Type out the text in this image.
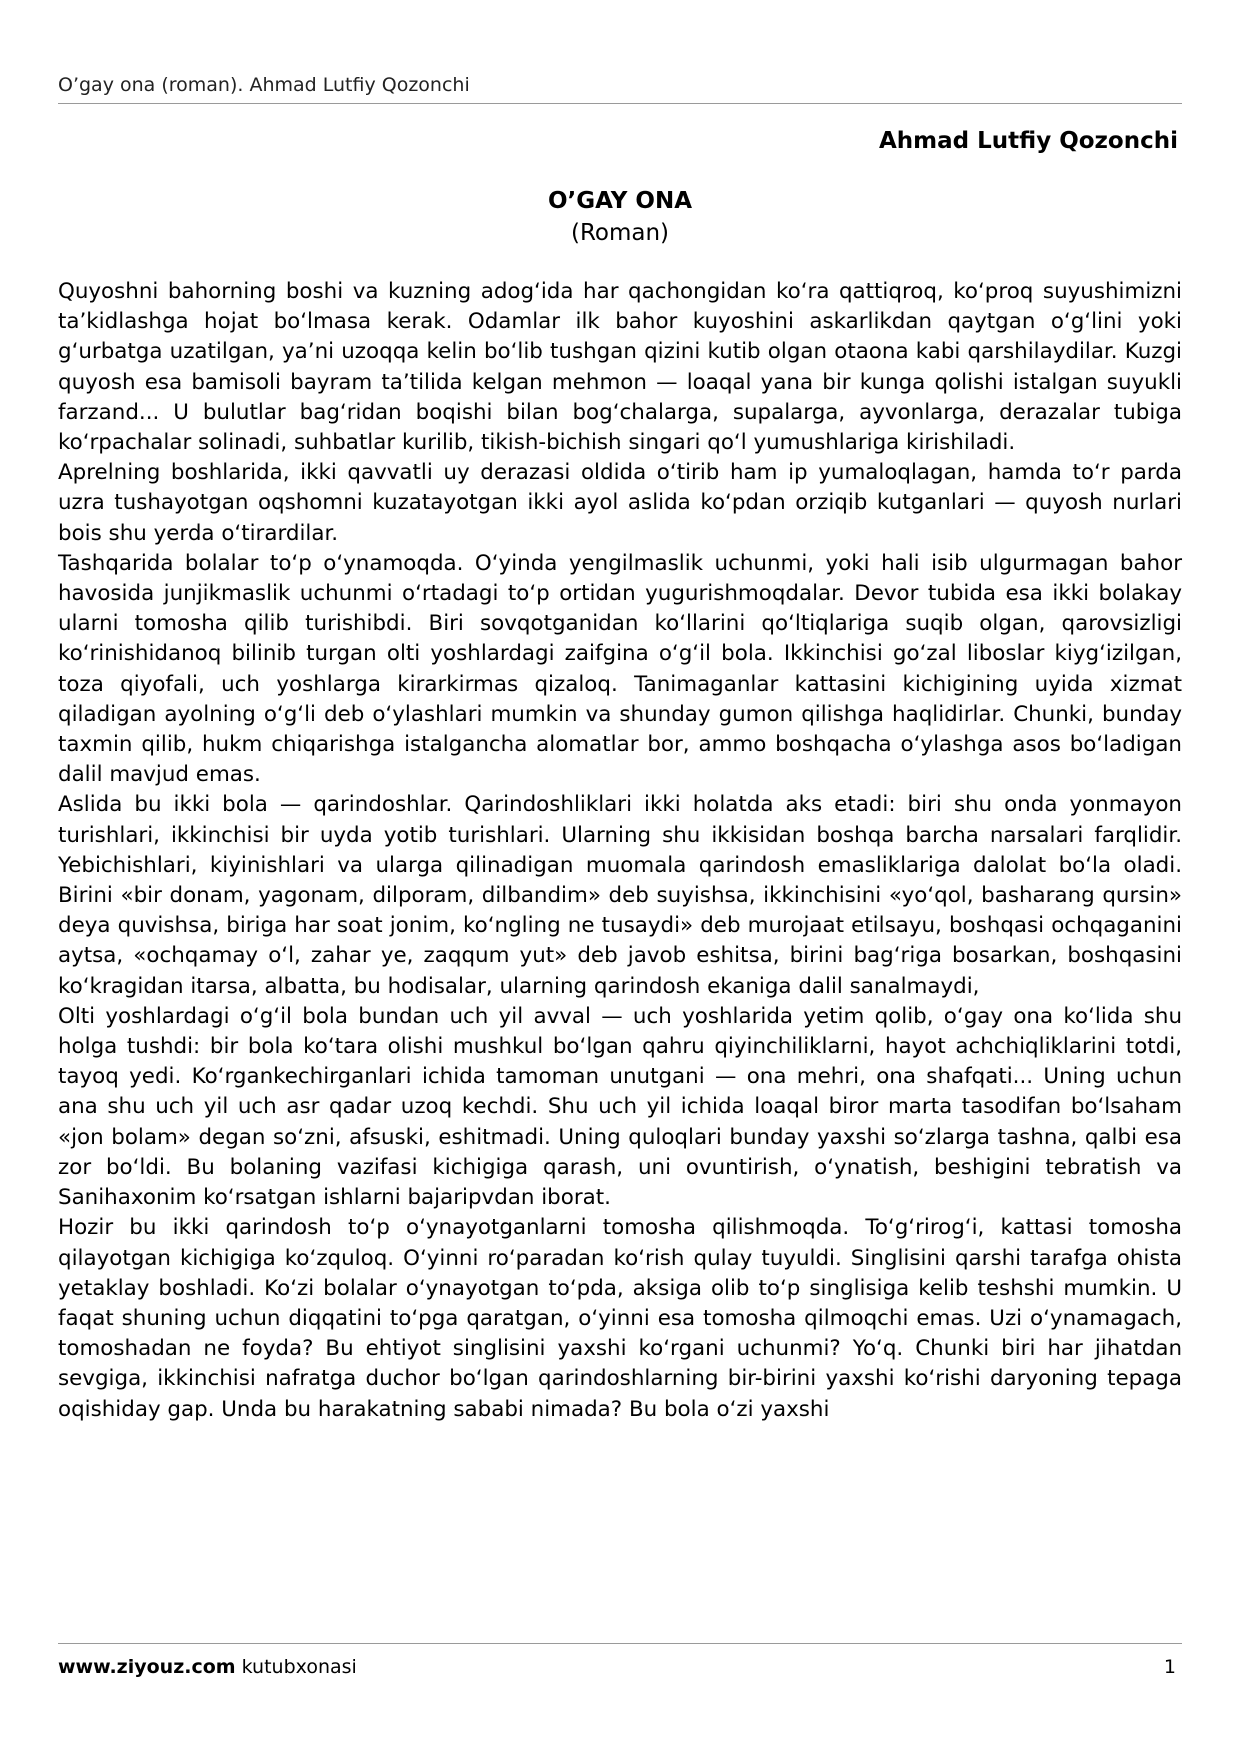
O’gay ona (roman). Ahmad Lutfiy Qozonchi
Ahmad Lutfiy Qozonchi
O’GAY ONA
(Roman)

Quyoshni bahorning boshi va kuzning adog‘ida har qachongidan ko‘ra qattiqroq, ko‘proq suyushimizni ta’kidlashga hojat bo‘lmasa kerak. Odamlar ilk bahor kuyoshini askarlikdan qaytgan o‘g‘lini yoki g‘urbatga uzatilgan, ya’ni uzoqqa kelin bo‘lib tushgan qizini kutib olgan otaona kabi qarshilaydilar. Kuzgi quyosh esa bamisoli bayram ta’tilida kelgan mehmon — loaqal yana bir kunga qolishi istalgan suyukli farzand... U bulutlar bag‘ridan boqishi bilan bog‘chalarga, supalarga, ayvonlarga, derazalar tubiga ko‘rpachalar solinadi, suhbatlar kurilib, tikish-bichish singari qo‘l yumushlariga kirishiladi.

Aprelning boshlarida, ikki qavvatli uy derazasi oldida o‘tirib ham ip yumaloqlagan, hamda to‘r parda uzra tushayotgan oqshomni kuzatayotgan ikki ayol aslida ko‘pdan orziqib kutganlari — quyosh nurlari bois shu yerda o‘tirardilar.

Tashqarida bolalar to‘p o‘ynamoqda. O‘yinda yengilmaslik uchunmi, yoki hali isib ulgurmagan bahor havosida junjikmaslik uchunmi o‘rtadagi to‘p ortidan yugurishmoqdalar. Devor tubida esa ikki bolakay ularni tomosha qilib turishibdi. Biri sovqotganidan ko‘llarini qo‘ltiqlariga suqib olgan, qarovsizligi ko‘rinishidanoq bilinib turgan olti yoshlardagi zaifgina o‘g‘il bola. Ikkinchisi go‘zal liboslar kiyg‘izilgan, toza qiyofali, uch yoshlarga kirarkirmas qizaloq. Tanimaganlar kattasini kichigining uyida xizmat qiladigan ayolning o‘g‘li deb o‘ylashlari mumkin va shunday gumon qilishga haqlidirlar. Chunki, bunday taxmin qilib, hukm chiqarishga istalgancha alomatlar bor, ammo boshqacha o‘ylashga asos bo‘ladigan dalil mavjud emas.

Aslida bu ikki bola — qarindoshlar. Qarindoshliklari ikki holatda aks etadi: biri shu onda yonmayon turishlari, ikkinchisi bir uyda yotib turishlari. Ularning shu ikkisidan boshqa barcha narsalari farqlidir. Yebichishlari, kiyinishlari va ularga qilinadigan muomala qarindosh emasliklariga dalolat bo‘la oladi. Birini «bir donam, yagonam, dilporam, dilbandim» deb suyishsa, ikkinchisini «yo‘qol, basharang qursin» deya quvishsa, biriga har soat jonim, ko‘ngling ne tusaydi» deb murojaat etilsayu, boshqasi ochqaganini aytsa, «ochqamay o‘l, zahar ye, zaqqum yut» deb javob eshitsa, birini bag‘riga bosarkan, boshqasini ko‘kragidan itarsa, albatta, bu hodisalar, ularning qarindosh ekaniga dalil sanalmaydi,

Olti yoshlardagi o‘g‘il bola bundan uch yil avval — uch yoshlarida yetim qolib, o‘gay ona ko‘lida shu holga tushdi: bir bola ko‘tara olishi mushkul bo‘lgan qahru qiyinchiliklarni, hayot achchiqliklarini totdi, tayoq yedi. Ko‘rgankechirganlari ichida tamoman unutgani — ona mehri, ona shafqati... Uning uchun ana shu uch yil uch asr qadar uzoq kechdi. Shu uch yil ichida loaqal biror marta tasodifan bo‘lsaham «jon bolam» degan so‘zni, afsuski, eshitmadi. Uning quloqlari bunday yaxshi so‘zlarga tashna, qalbi esa zor bo‘ldi. Bu bolaning vazifasi kichigiga qarash, uni ovuntirish, o‘ynatish, beshigini tebratish va Sanihaxonim ko‘rsatgan ishlarni bajaripvdan iborat.

Hozir bu ikki qarindosh to‘p o‘ynayotganlarni tomosha qilishmoqda. To‘g‘rirog‘i, kattasi tomosha qilayotgan kichigiga ko‘zquloq. O‘yinni ro‘paradan ko‘rish qulay tuyuldi. Singlisini qarshi tarafga ohista yetaklay boshladi. Ko‘zi bolalar o‘ynayotgan to‘pda, aksiga olib to‘p singlisiga kelib teshshi mumkin. U faqat shuning uchun diqqatini to‘pga qaratgan, o‘yinni esa tomosha qilmoqchi emas. Uzi o‘ynamagach, tomoshadan ne foyda? Bu ehtiyot singlisini yaxshi ko‘rgani uchunmi? Yo‘q. Chunki biri har jihatdan sevgiga, ikkinchisi nafratga duchor bo‘lgan qarindoshlarning bir-birini yaxshi ko‘rishi daryoning tepaga oqishiday gap. Unda bu harakatning sababi nimada? Bu bola o‘zi yaxshi

www.ziyouz.com kutubxonasi	1
